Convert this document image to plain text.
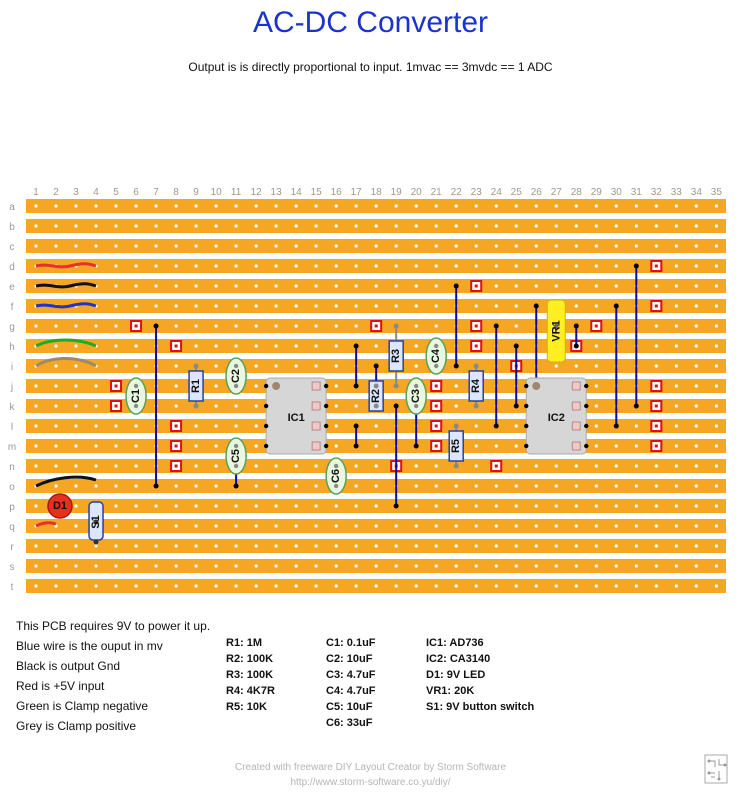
AC-DC Converter
Output is is directly proportional to input. 1mvac == 3mvdc == 1 ADC
1 2 3 4 5 6 7 8 9 10 11 12 13 14 15 16 17 18 19 20 21 22 23 24 25 26 27 28 29 30 31 32 33 34 35
a
b
c
d
e
f
g
h
i
j
k
l
m
n
o
p
q
r
s
t
R1
R2
R3
R4
R5
C1
C2
C3
C4
C5
C6
IC1	IC2
D1
S1
VR1
This PCB requires 9V to power it up.
Blue wire is the ouput in mv
Black is output Gnd
Red is +5V input
Green is Clamp negative
Grey is Clamp positive
R1: 1M
R2: 100K
R3: 100K
R4: 4K7R
R5: 10K
C1: 0.1uF
C2: 10uF
C3: 4.7uF
C4: 4.7uF
C5: 10uF
C6: 33uF
IC1: AD736
IC2: CA3140
D1: 9V LED
VR1: 20K
S1: 9V button switch
Created with freeware DIY Layout Creator by Storm Software
http://www.storm-software.co.yu/diy/
